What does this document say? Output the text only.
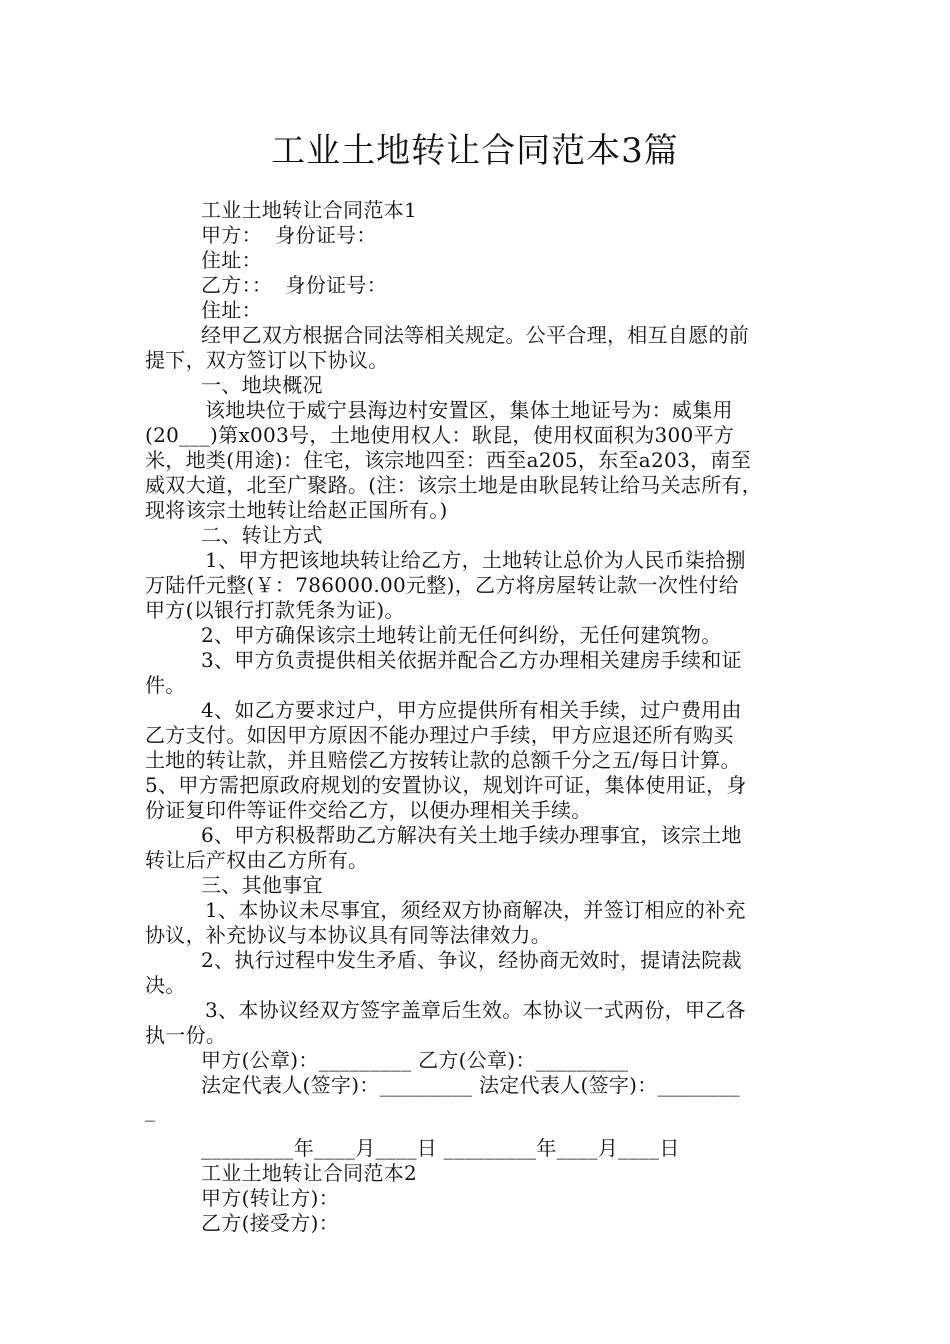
工业土地转让合同范本3篇
工业土地转让合同范本1
甲方：  身份证号：
住址：
乙方：：  身份证号：
住址：
经甲乙双方根据合同法等相关规定。公平合理，相互自愿的前
提下，双方签订以下协议。
一、地块概况
该地块位于威宁县海边村安置区，集体土地证号为：威集用
(20___)第x003号，土地使用权人：耿昆，使用权面积为300平方
米，地类(用途)：住宅，该宗地四至：西至a205，东至a203，南至
威双大道，北至广聚路。(注：该宗土地是由耿昆转让给马关志所有，
现将该宗土地转让给赵正国所有。)
二、转让方式
1、甲方把该地块转让给乙方，土地转让总价为人民币柒拾捌
万陆仟元整(￥：786000.00元整)，乙方将房屋转让款一次性付给
甲方(以银行打款凭条为证)。
2、甲方确保该宗土地转让前无任何纠纷，无任何建筑物。
3、甲方负责提供相关依据并配合乙方办理相关建房手续和证
件。
4、如乙方要求过户，甲方应提供所有相关手续，过户费用由
乙方支付。如因甲方原因不能办理过户手续，甲方应退还所有购买
土地的转让款，并且赔偿乙方按转让款的总额千分之五/每日计算。
5、甲方需把原政府规划的安置协议，规划许可证，集体使用证，身
份证复印件等证件交给乙方，以便办理相关手续。
6、甲方积极帮助乙方解决有关土地手续办理事宜，该宗土地
转让后产权由乙方所有。
三、其他事宜
1、本协议未尽事宜，须经双方协商解决，并签订相应的补充
协议，补充协议与本协议具有同等法律效力。
2、执行过程中发生矛盾、争议，经协商无效时，提请法院裁
决。
3、本协议经双方签字盖章后生效。本协议一式两份，甲乙各
执一份。
甲方(公章)：_________ 乙方(公章)：_________
法定代表人(签字)：_________ 法定代表人(签字)：________
_
_________年____月____日 _________年____月____日
工业土地转让合同范本2
甲方(转让方)：
乙方(接受方)：
